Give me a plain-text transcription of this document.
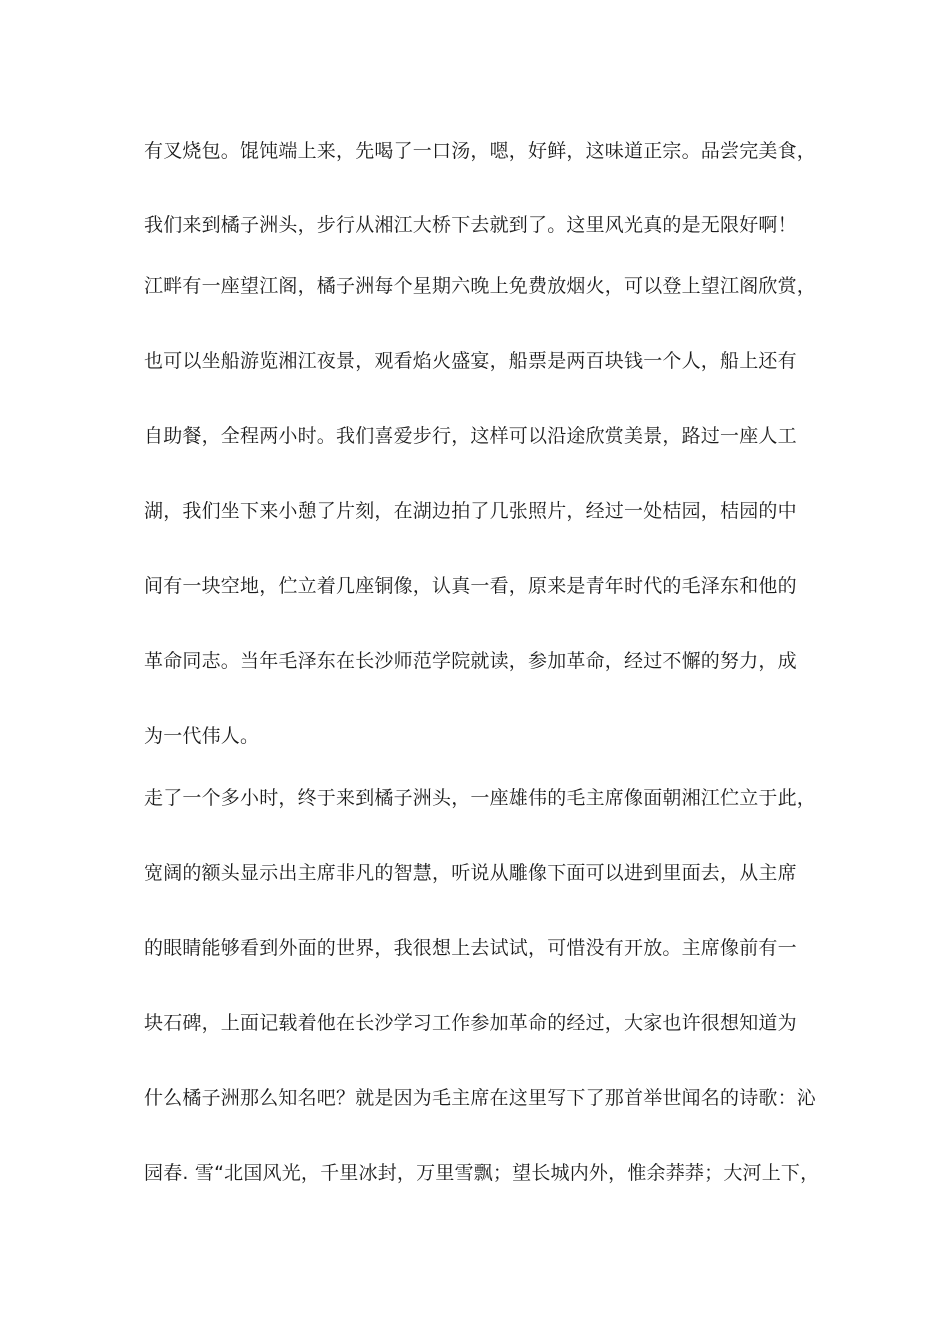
有叉烧包。馄饨端上来，先喝了一口汤，嗯，好鲜，这味道正宗。品尝完美食，

我们来到橘子洲头，步行从湘江大桥下去就到了。这里风光真的是无限好啊！

江畔有一座望江阁，橘子洲每个星期六晚上免费放烟火，可以登上望江阁欣赏，

也可以坐船游览湘江夜景，观看焰火盛宴，船票是两百块钱一个人，船上还有

自助餐，全程两小时。我们喜爱步行，这样可以沿途欣赏美景，路过一座人工

湖，我们坐下来小憩了片刻，在湖边拍了几张照片，经过一处桔园，桔园的中

间有一块空地，伫立着几座铜像，认真一看，原来是青年时代的毛泽东和他的

革命同志。当年毛泽东在长沙师范学院就读，参加革命，经过不懈的努力，成

为一代伟人。

走了一个多小时，终于来到橘子洲头，一座雄伟的毛主席像面朝湘江伫立于此，

宽阔的额头显示出主席非凡的智慧，听说从雕像下面可以进到里面去，从主席

的眼睛能够看到外面的世界，我很想上去试试，可惜没有开放。主席像前有一

块石碑，上面记载着他在长沙学习工作参加革命的经过，大家也许很想知道为

什么橘子洲那么知名吧？就是因为毛主席在这里写下了那首举世闻名的诗歌：沁

园春. 雪“北国风光，千里冰封，万里雪飘；望长城内外，惟余莽莽；大河上下，
